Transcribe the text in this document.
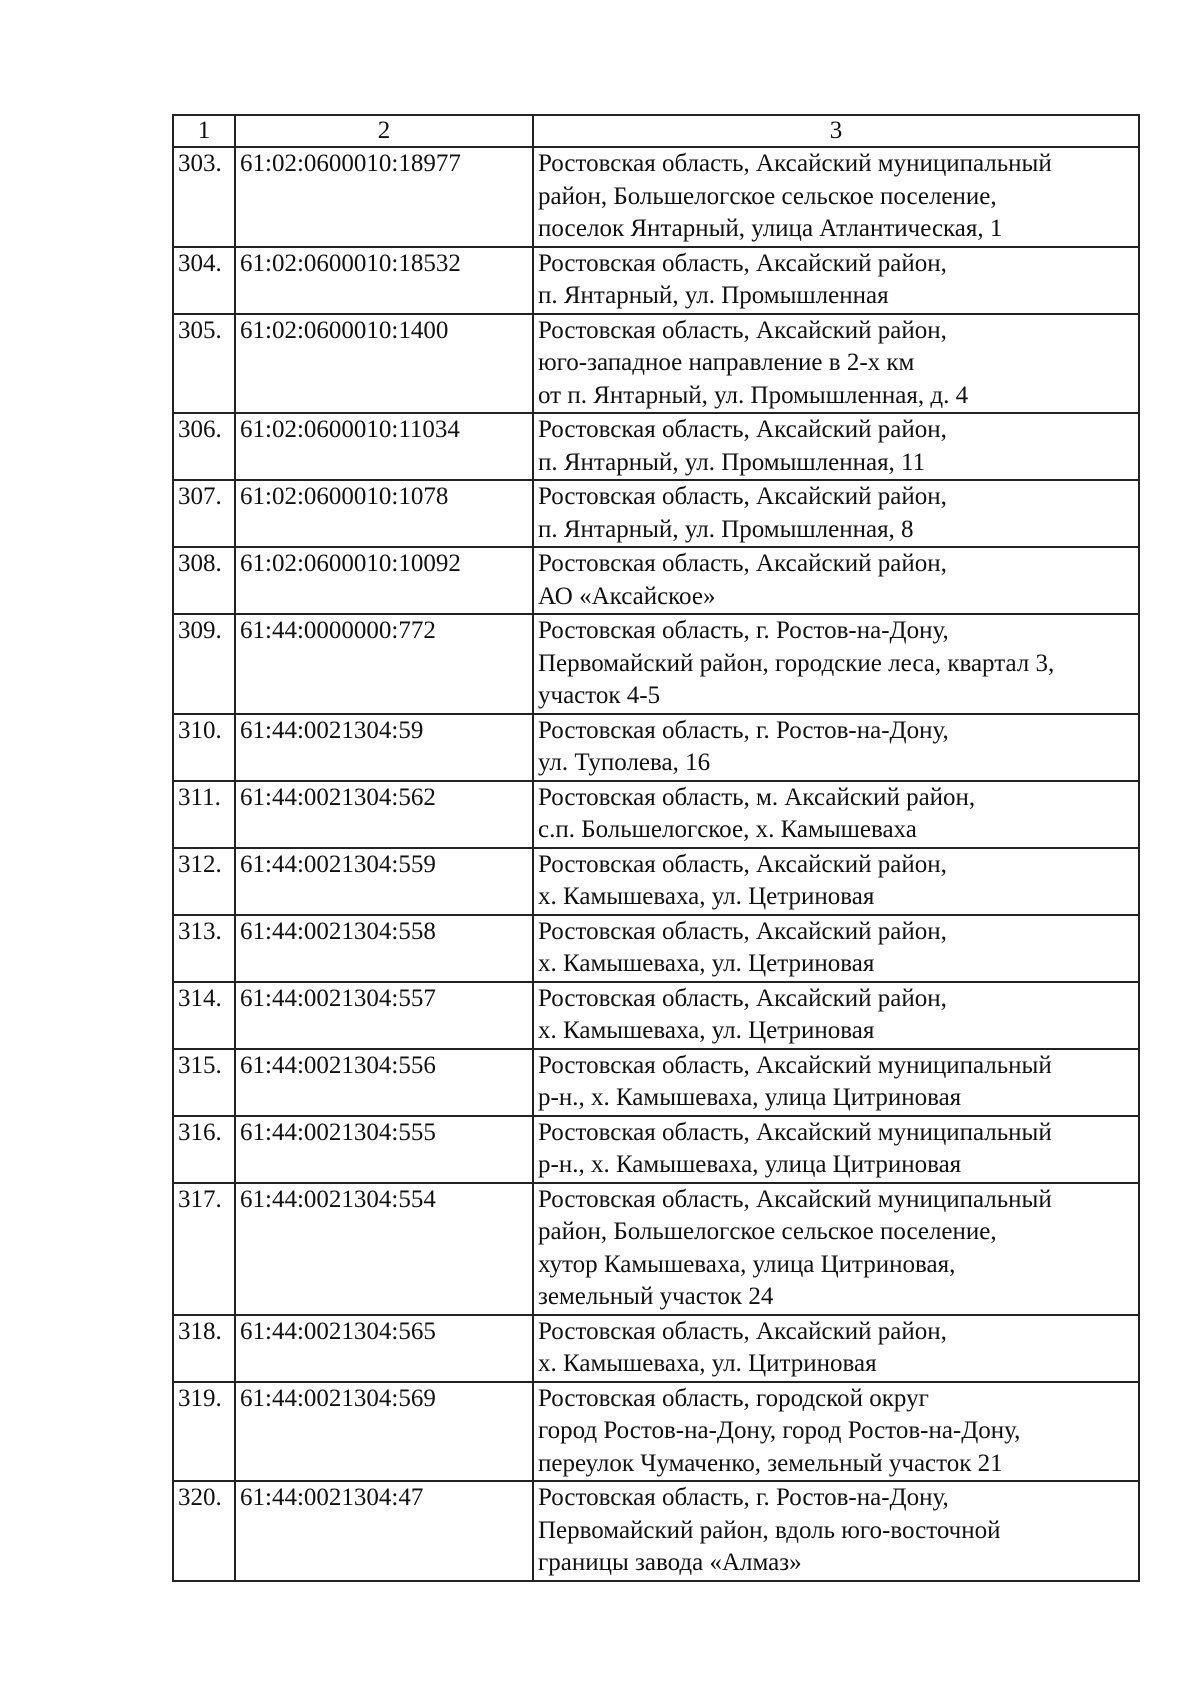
1	2	3
303.	61:02:0600010:18977	Ростовская область, Аксайский муниципальный
район, Большелогское сельское поселение,
поселок Янтарный, улица Атлантическая, 1
304.	61:02:0600010:18532	Ростовская область, Аксайский район,
п. Янтарный, ул. Промышленная
305.	61:02:0600010:1400	Ростовская область, Аксайский район,
юго-западное направление в 2-х км
от п. Янтарный, ул. Промышленная, д. 4
306.	61:02:0600010:11034	Ростовская область, Аксайский район,
п. Янтарный, ул. Промышленная, 11
307.	61:02:0600010:1078	Ростовская область, Аксайский район,
п. Янтарный, ул. Промышленная, 8
308.	61:02:0600010:10092	Ростовская область, Аксайский район,
АО «Аксайское»
309.	61:44:0000000:772	Ростовская область, г. Ростов-на-Дону,
Первомайский район, городские леса, квартал 3,
участок 4-5
310.	61:44:0021304:59	Ростовская область, г. Ростов-на-Дону,
ул. Туполева, 16
311.	61:44:0021304:562	Ростовская область, м. Аксайский район,
с.п. Большелогское, х. Камышеваха
312.	61:44:0021304:559	Ростовская область, Аксайский район,
х. Камышеваха, ул. Цетриновая
313.	61:44:0021304:558	Ростовская область, Аксайский район,
х. Камышеваха, ул. Цетриновая
314.	61:44:0021304:557	Ростовская область, Аксайский район,
х. Камышеваха, ул. Цетриновая
315.	61:44:0021304:556	Ростовская область, Аксайский муниципальный
р-н., х. Камышеваха, улица Цитриновая
316.	61:44:0021304:555	Ростовская область, Аксайский муниципальный
р-н., х. Камышеваха, улица Цитриновая
317.	61:44:0021304:554	Ростовская область, Аксайский муниципальный
район, Большелогское сельское поселение,
хутор Камышеваха, улица Цитриновая,
земельный участок 24
318.	61:44:0021304:565	Ростовская область, Аксайский район,
х. Камышеваха, ул. Цитриновая
319.	61:44:0021304:569	Ростовская область, городской округ
город Ростов-на-Дону, город Ростов-на-Дону,
переулок Чумаченко, земельный участок 21
320.	61:44:0021304:47	Ростовская область, г. Ростов-на-Дону,
Первомайский район, вдоль юго-восточной
границы завода «Алмаз»
